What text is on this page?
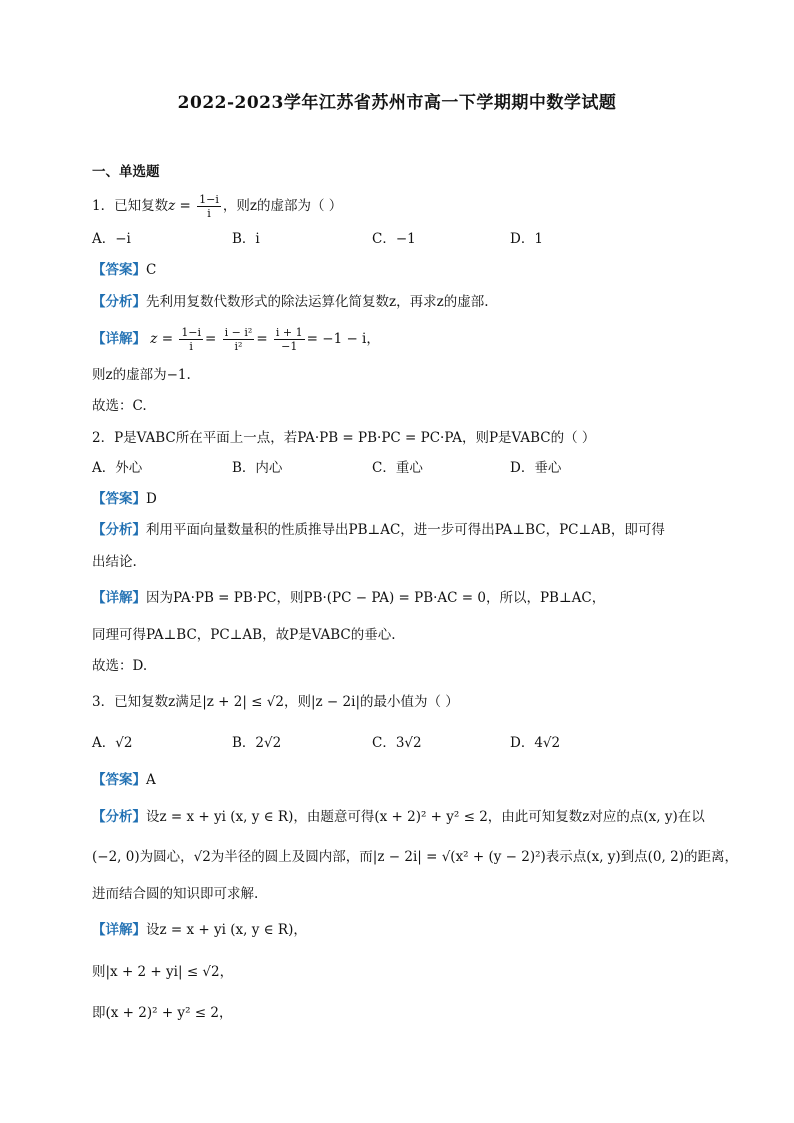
2022-2023学年江苏省苏州市高一下学期期中数学试题
一、单选题
1．已知复数$z = \frac{1-i}{i}$ ，则z的虚部为（ ）
A．−i	B．i	C．−1	D．1
【答案】C
【分析】先利用复数代数形式的除法运算化简复数z，再求z的虚部.
【详解】 $z = \frac{1-i}{i} = \frac{\text{i − i²}}{\text{i²}} = \frac{i + 1}{-1} = -1 - i$，
则z的虚部为−1.
故选：C.
2．P是VABC所在平面上一点，若PA·PB = PB·PC = PC·PA，则P是VABC的（ ）
A．外心	B．内心	C．重心	D．垂心
【答案】D
【分析】利用平面向量数量积的性质推导出PB⊥AC，进一步可得出PA⊥BC，PC⊥AB，即可得
出结论.
【详解】因为PA·PB = PB·PC，则PB·(PC − PA) = PB·AC = 0，所以，PB⊥AC，
同理可得PA⊥BC，PC⊥AB，故P是VABC的垂心.
故选：D.
3．已知复数z满足|z + 2| ≤ √2，则|z − 2i|的最小值为（ ）
A．√2	B．2√2	C．3√2	D．4√2
【答案】A
【分析】设z = x + yi (x, y ∈ R)，由题意可得(x + 2)² + y² ≤ 2，由此可知复数z对应的点(x, y)在以
(−2, 0)为圆心，√2为半径的圆上及圆内部，而|z − 2i| = √(x² + (y − 2)²)表示点(x, y)到点(0, 2)的距离，
进而结合圆的知识即可求解.
【详解】设z = x + yi (x, y ∈ R)，
则|x + 2 + yi| ≤ √2，
即(x + 2)² + y² ≤ 2，
